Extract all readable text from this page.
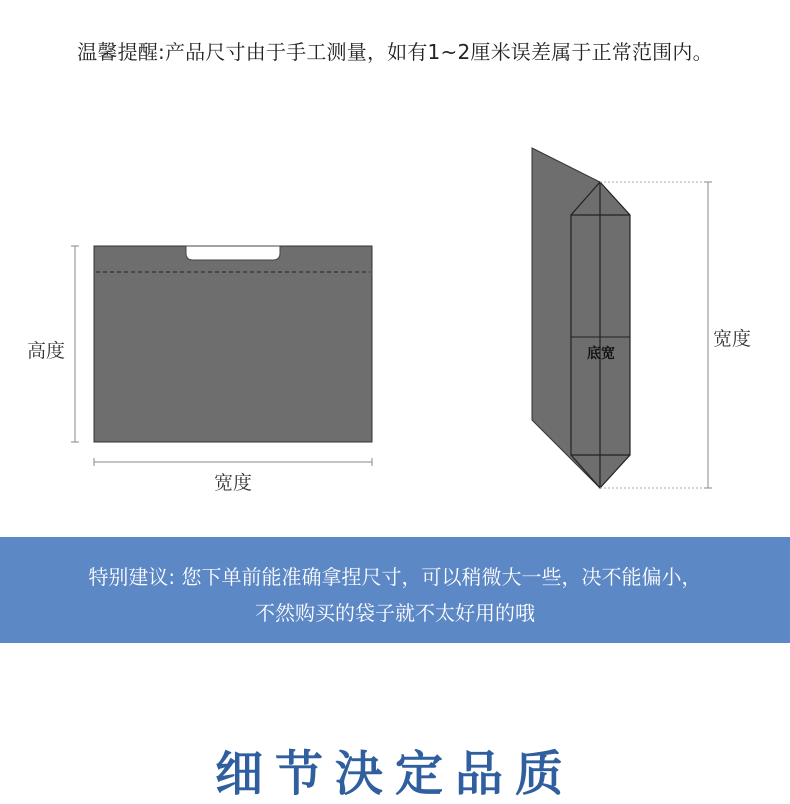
温馨提醒:产品尺寸由于手工测量，如有1~2厘米误差属于正常范围内。
高度
宽度
底宽
宽度
特别建议: 您下单前能准确拿捏尺寸，可以稍微大一些，决不能偏小，
不然购买的袋子就不太好用的哦
细节決定品质
